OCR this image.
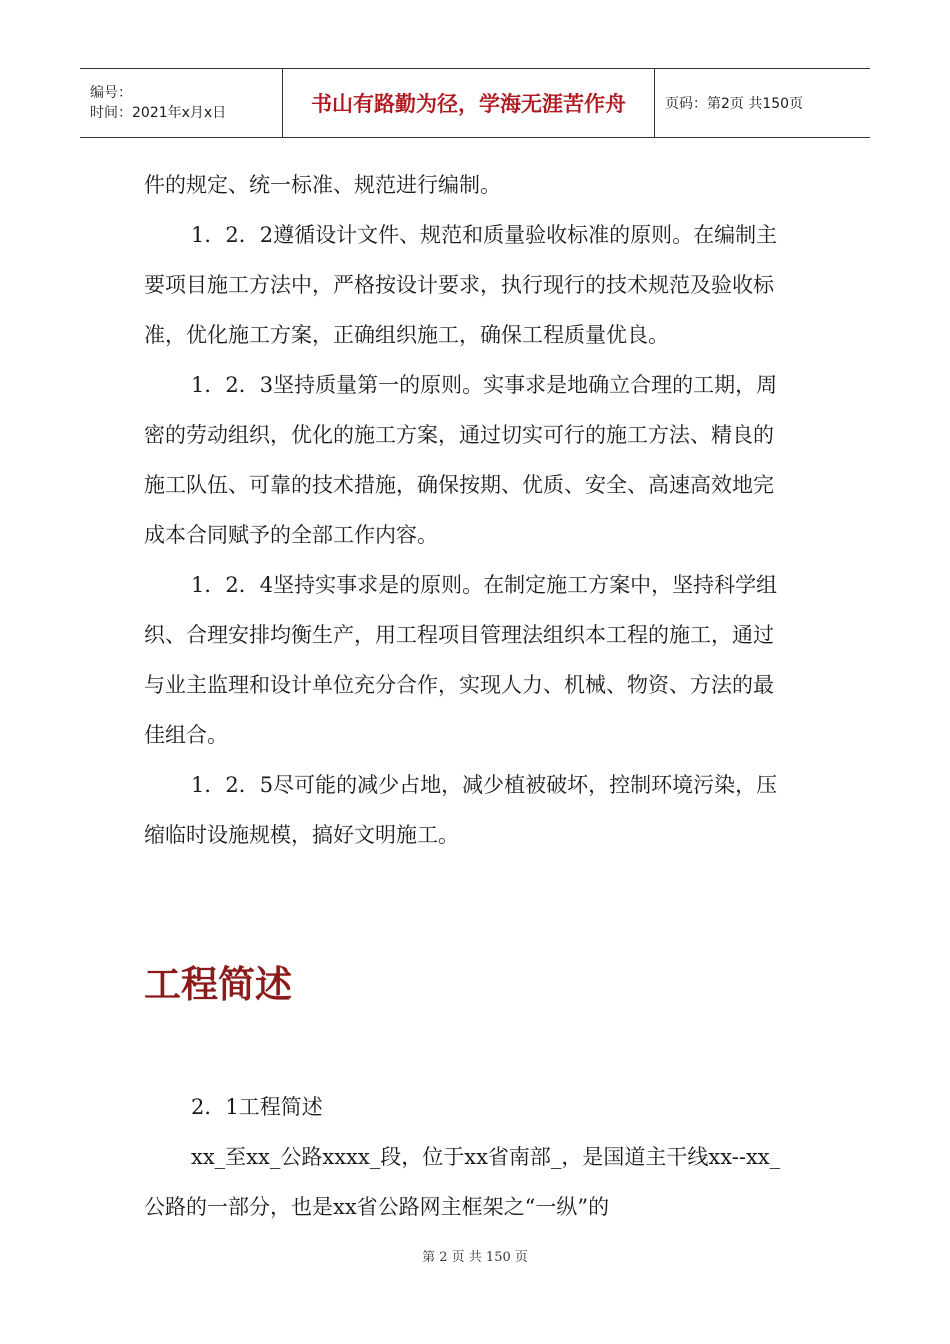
编号：
时间：2021年x月x日	书山有路勤为径，学海无涯苦作舟	页码：第2页 共150页

件的规定、统一标准、规范进行编制。

1．2．2遵循设计文件、规范和质量验收标准的原则。在编制主要项目施工方法中，严格按设计要求，执行现行的技术规范及验收标准，优化施工方案，正确组织施工，确保工程质量优良。

1．2．3坚持质量第一的原则。实事求是地确立合理的工期，周密的劳动组织，优化的施工方案，通过切实可行的施工方法、精良的施工队伍、可靠的技术措施，确保按期、优质、安全、高速高效地完成本合同赋予的全部工作内容。

1．2．4坚持实事求是的原则。在制定施工方案中，坚持科学组织、合理安排均衡生产，用工程项目管理法组织本工程的施工，通过与业主监理和设计单位充分合作，实现人力、机械、物资、方法的最佳组合。

1．2．5尽可能的减少占地，减少植被破坏，控制环境污染，压缩临时设施规模，搞好文明施工。

工程简述

2．1工程简述

xx_至xx_公路xxxx_段，位于xx省南部_，是国道主干线xx--xx_公路的一部分，也是xx省公路网主框架之“一纵”的

第 2 页 共 150 页
